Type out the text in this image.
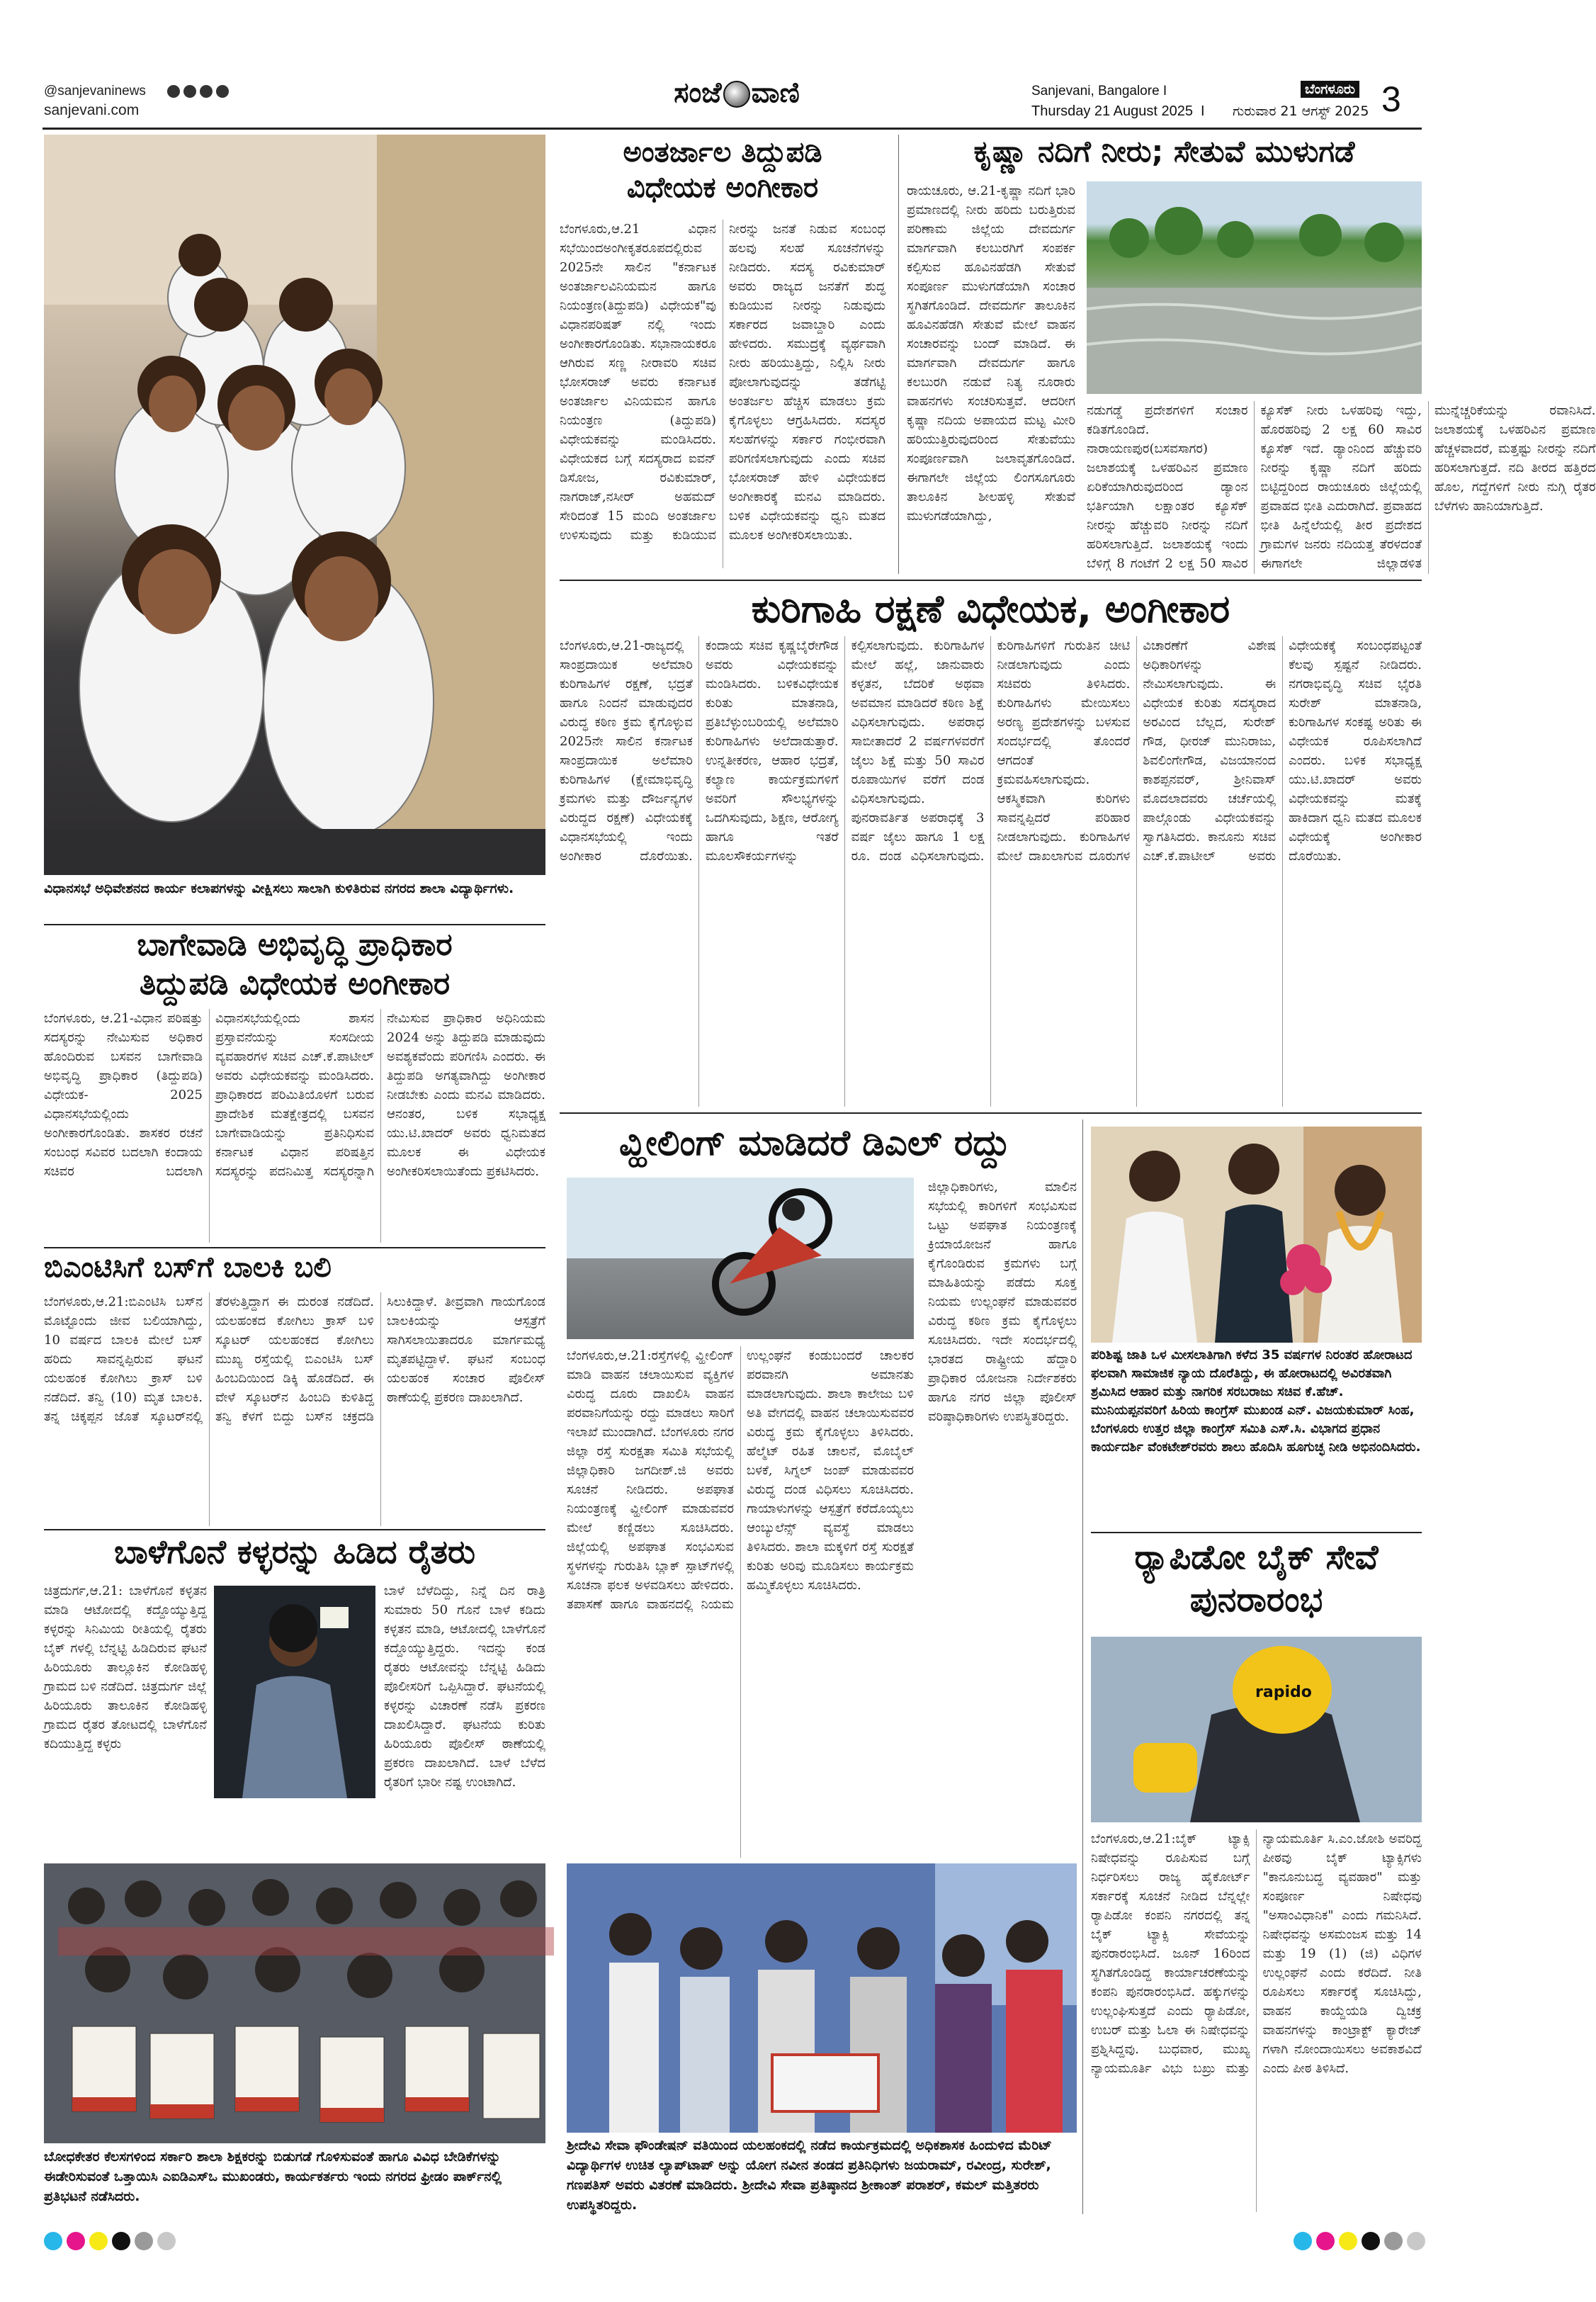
@sanjevaninews

sanjevani.com
ಸಂಜೆ ವಾಣಿ	ಬೆಂಗಳೂರು
Sanjevani, Bangalore I
Thursday 21 August 2025 I ಗುರುವಾರ 21 ಆಗಸ್ಟ್ 2025 3
ವಿಧಾನಸಭೆ ಅಧಿವೇಶನದ ಕಾರ್ಯ ಕಲಾಪಗಳನ್ನು ವೀಕ್ಷಿಸಲು ಸಾಲಾಗಿ ಕುಳಿತಿರುವ ನಗರದ ಶಾಲಾ ವಿದ್ಯಾರ್ಥಿಗಳು.
ಅಂತರ್ಜಾಲ ತಿದ್ದುಪಡಿ
ವಿಧೇಯಕ ಅಂಗೀಕಾರ
ಬೆಂಗಳೂರು,ಆ.21 ವಿಧಾನ ಸಭೆಯಿಂದಅಂಗೀಕೃತರೂಪದಲ್ಲಿರುವ 2025ನೇ ಸಾಲಿನ "ಕರ್ನಾಟಕ ಅಂತರ್ಜಾಲವಿನಿಯಮನ ಹಾಗೂ ನಿಯಂತ್ರಣ(ತಿದ್ದುಪಡಿ) ವಿಧೇಯಕ"ವು ವಿಧಾನಪರಿಷತ್ ನಲ್ಲಿ ಇಂದು ಅಂಗೀಕಾರಗೊಂಡಿತು. ಸಭಾನಾಯಕರೂ ಆಗಿರುವ ಸಣ್ಣ ನೀರಾವರಿ ಸಚಿವ ಭೋಸರಾಜ್ ಅವರು ಕರ್ನಾಟಕ ಅಂತರ್ಜಾಲ ವಿನಿಯಮನ ಹಾಗೂ ನಿಯಂತ್ರಣ (ತಿದ್ದುಪಡಿ) ವಿಧೇಯಕವನ್ನು ಮಂಡಿಸಿದರು. ವಿಧೇಯಕದ ಬಗ್ಗೆ ಸದಸ್ಯರಾದ ಐವನ್ ಡಿಸೋಜ, ರವಿಕುಮಾರ್, ನಾಗರಾಜ್,ನಸೀರ್ ಅಹಮದ್ ಸೇರಿದಂತೆ 15 ಮಂದಿ ಅಂತರ್ಜಾಲ ಉಳಿಸುವುದು ಮತ್ತು ಕುಡಿಯುವ ನೀರನ್ನು ಜನತೆ ನಿಡುವ ಸಂಬಂಧ ಹಲವು ಸಲಹೆ ಸೂಚನೆಗಳನ್ನು ನೀಡಿದರು. ಸದಸ್ಯ ರವಿಕುಮಾರ್ ಅವರು ರಾಜ್ಯದ ಜನತೆಗೆ ಶುದ್ಧ ಕುಡಿಯುವ ನೀರನ್ನು ನಿಡುವುದು ಸರ್ಕಾರದ ಜವಾಬ್ದಾರಿ ಎಂದು ಹೇಳಿದರು. ಸಮುದ್ರಕ್ಕೆ ವ್ಯರ್ಥವಾಗಿ ನೀರು ಹರಿಯುತ್ತಿದ್ದು, ನಿಲ್ಲಿಸಿ ನೀರು ಪೋಲಾಗುವುದನ್ನು ತಡೆಗಟ್ಟಿ ಅಂತರ್ಜಲ ಹೆಚ್ಚಿಸ ಮಾಡಲು ಕ್ರಮ ಕೈಗೊಳ್ಳಲು ಆಗ್ರಹಿಸಿದರು. ಸದಸ್ಯರ ಸಲಹೆಗಳನ್ನು ಸರ್ಕಾರ ಗಂಭೀರವಾಗಿ ಪರಿಗಣಿಸಲಾಗುವುದು ಎಂದು ಸಚಿವ ಭೋಸರಾಜ್ ಹೇಳಿ ವಿಧೇಯಕದ ಅಂಗೀಕಾರಕ್ಕೆ ಮನವಿ ಮಾಡಿದರು. ಬಳಿಕ ವಿಧೇಯಕವನ್ನು ಧ್ವನಿ ಮತದ ಮೂಲಕ ಅಂಗೀಕರಿಸಲಾಯಿತು.
ಕೃಷ್ಣಾ ನದಿಗೆ ನೀರು; ಸೇತುವೆ ಮುಳುಗಡೆ
ರಾಯಚೂರು, ಆ.21-ಕೃಷ್ಣಾ ನದಿಗೆ ಭಾರಿ ಪ್ರಮಾಣದಲ್ಲಿ ನೀರು ಹರಿದು ಬರುತ್ತಿರುವ ಪರಿಣಾಮ ಜಿಲ್ಲೆಯ ದೇವದುರ್ಗ ಮಾರ್ಗವಾಗಿ ಕಲಬುರಗಿಗೆ ಸಂಪರ್ಕ ಕಲ್ಪಿಸುವ ಹೂವಿನಹೆಡಗಿ ಸೇತುವೆ ಸಂಪೂರ್ಣ ಮುಳುಗಡೆಯಾಗಿ ಸಂಚಾರ ಸ್ಥಗಿತಗೊಂಡಿದೆ. ದೇವದುರ್ಗ ತಾಲೂಕಿನ ಹೂವಿನಹೆಡಗಿ ಸೇತುವೆ ಮೇಲೆ ವಾಹನ ಸಂಚಾರವನ್ನು ಬಂದ್ ಮಾಡಿದೆ. ಈ ಮಾರ್ಗವಾಗಿ ದೇವದುರ್ಗ ಹಾಗೂ ಕಲಬುರಗಿ ನಡುವೆ ನಿತ್ಯ ನೂರಾರು ವಾಹನಗಳು ಸಂಚರಿಸುತ್ತವೆ. ಆದರೀಗ ಕೃಷ್ಣಾ ನದಿಯ ಅಪಾಯದ ಮಟ್ಟ ಮೀರಿ ಹರಿಯುತ್ತಿರುವುದರಿಂದ ಸೇತುವೆಯು ಸಂಪೂರ್ಣವಾಗಿ ಜಲಾವೃತಗೊಂಡಿದೆ. ಈಗಾಗಲೇ ಜಿಲ್ಲೆಯ ಲಿಂಗಸೂಗೂರು ತಾಲೂಕಿನ ಶೀಲಹಳ್ಳಿ ಸೇತುವೆ ಮುಳುಗಡೆಯಾಗಿದ್ದು,
ನಡುಗಡ್ಡೆ ಪ್ರದೇಶಗಳಿಗೆ ಸಂಚಾರ ಕಡಿತಗೊಂಡಿದೆ. ನಾರಾಯಣಪುರ(ಬಸವಸಾಗರ) ಜಲಾಶಯಕ್ಕೆ ಒಳಹರಿವಿನ ಪ್ರಮಾಣ ಏರಿಕೆಯಾಗಿರುವುದರಿಂದ ಡ್ಯಾಂನ ಭರ್ತಿಯಾಗಿ ಲಕ್ಷಾಂತರ ಕ್ಯೂಸೆಕ್ ನೀರನ್ನು ಹೆಚ್ಚುವರಿ ನೀರನ್ನು ನದಿಗೆ ಹರಿಸಲಾಗುತ್ತಿದೆ. ಜಲಾಶಯಕ್ಕೆ ಇಂದು ಬೆಳಿಗ್ಗೆ 8 ಗಂಟೆಗೆ 2 ಲಕ್ಷ 50 ಸಾವಿರ ಕ್ಯೂಸೆಕ್ ನೀರು ಒಳಹರಿವು ಇದ್ದು, ಹೊರಹರಿವು 2 ಲಕ್ಷ 60 ಸಾವಿರ ಕ್ಯೂಸೆಕ್ ಇದೆ. ಡ್ಯಾಂನಿಂದ ಹೆಚ್ಚುವರಿ ನೀರನ್ನು ಕೃಷ್ಣಾ ನದಿಗೆ ಹರಿದು ಬಿಟ್ಟಿದ್ದರಿಂದ ರಾಯಚೂರು ಜಿಲ್ಲೆಯಲ್ಲಿ ಪ್ರವಾಹದ ಭೀತಿ ಎದುರಾಗಿದೆ. ಪ್ರವಾಹದ ಭೀತಿ ಹಿನ್ನೆಲೆಯಲ್ಲಿ ತೀರ ಪ್ರದೇಶದ ಗ್ರಾಮಗಳ ಜನರು ನದಿಯತ್ತ ತೆರಳದಂತೆ ಈಗಾಗಲೇ ಜಿಲ್ಲಾಡಳಿತ ಮುನ್ನೆಚ್ಚರಿಕೆಯನ್ನು ರವಾನಿಸಿದೆ. ಜಲಾಶಯಕ್ಕೆ ಒಳಹರಿವಿನ ಪ್ರಮಾಣ ಹೆಚ್ಚಳವಾದರೆ, ಮತ್ತಷ್ಟು ನೀರನ್ನು ನದಿಗೆ ಹರಿಸಲಾಗುತ್ತದೆ. ನದಿ ತೀರದ ಹತ್ತಿರದ ಹೊಲ, ಗದ್ದೆಗಳಿಗೆ ನೀರು ನುಗ್ಗಿ ರೈತರ ಬೆಳೆಗಳು ಹಾನಿಯಾಗುತ್ತಿದೆ.
ಕುರಿಗಾಹಿ ರಕ್ಷಣೆ ವಿಧೇಯಕ, ಅಂಗೀಕಾರ
ಬೆಂಗಳೂರು,ಆ.21-ರಾಜ್ಯದಲ್ಲಿ ಸಾಂಪ್ರದಾಯಿಕ ಅಲೆಮಾರಿ ಕುರಿಗಾಹಿಗಳ ರಕ್ಷಣೆ, ಭದ್ರತೆ ಹಾಗೂ ನಿಂದನೆ ಮಾಡುವುದರ ವಿರುದ್ಧ ಕಠಿಣ ಕ್ರಮ ಕೈಗೊಳ್ಳುವ 2025ನೇ ಸಾಲಿನ ಕರ್ನಾಟಕ ಸಾಂಪ್ರದಾಯಿಕ ಅಲೆಮಾರಿ ಕುರಿಗಾಹಿಗಳ (ಕ್ಷೇಮಾಭಿವೃದ್ಧಿ ಕ್ರಮಗಳು ಮತ್ತು ದೌರ್ಜನ್ಯಗಳ ವಿರುದ್ಧದ ರಕ್ಷಣೆ) ವಿಧೇಯಕಕ್ಕೆ ವಿಧಾನಸಭೆಯಲ್ಲಿ ಇಂದು ಅಂಗೀಕಾರ ದೊರೆಯಿತು. ಕಂದಾಯ ಸಚಿವ ಕೃಷ್ಣಬೈರೇಗೌಡ ಅವರು ವಿಧೇಯಕವನ್ನು ಮಂಡಿಸಿದರು. ಬಳಿಕವಿಧೇಯಕ ಕುರಿತು ಮಾತನಾಡಿ, ಪ್ರತಿಬೆಳ್ಳುಂಬರಿಯಲ್ಲಿ ಅಲೆಮಾರಿ ಕುರಿಗಾಹಿಗಳು ಅಲೆದಾಡುತ್ತಾರೆ. ಉನ್ನತೀಕರಣ, ಆಹಾರ ಭದ್ರತೆ, ಕಲ್ಯಾಣ ಕಾರ್ಯಕ್ರಮಗಳಿಗೆ ಅವರಿಗೆ ಸೌಲಭ್ಯಗಳನ್ನು ಒದಗಿಸುವುದು, ಶಿಕ್ಷಣ, ಆರೋಗ್ಯ ಹಾಗೂ ಇತರೆ ಮೂಲಸೌಕರ್ಯಗಳನ್ನು ಕಲ್ಪಿಸಲಾಗುವುದು. ಕುರಿಗಾಹಿಗಳ ಮೇಲೆ ಹಲ್ಲೆ, ಜಾನುವಾರು ಕಳ್ಳತನ, ಬೆದರಿಕೆ ಅಥವಾ ಅವಮಾನ ಮಾಡಿದರೆ ಕಠಿಣ ಶಿಕ್ಷೆ ವಿಧಿಸಲಾಗುವುದು. ಅಪರಾಧ ಸಾಬೀತಾದರೆ 2 ವರ್ಷಗಳವರೆಗೆ ಜೈಲು ಶಿಕ್ಷೆ ಮತ್ತು 50 ಸಾವಿರ ರೂಪಾಯಿಗಳ ವರೆಗೆ ದಂಡ ವಿಧಿಸಲಾಗುವುದು. ಪುನರಾವರ್ತಿತ ಅಪರಾಧಕ್ಕೆ 3 ವರ್ಷ ಜೈಲು ಹಾಗೂ 1 ಲಕ್ಷ ರೂ. ದಂಡ ವಿಧಿಸಲಾಗುವುದು. ಕುರಿಗಾಹಿಗಳಿಗೆ ಗುರುತಿನ ಚೀಟಿ ನೀಡಲಾಗುವುದು ಎಂದು ಸಚಿವರು ತಿಳಿಸಿದರು. ಕುರಿಗಾಹಿಗಳು ಮೇಯಿಸಲು ಅರಣ್ಯ ಪ್ರದೇಶಗಳನ್ನು ಬಳಸುವ ಸಂದರ್ಭದಲ್ಲಿ ತೊಂದರೆ ಆಗದಂತೆ ಕ್ರಮವಹಿಸಲಾಗುವುದು. ಆಕಸ್ಮಿಕವಾಗಿ ಕುರಿಗಳು ಸಾವನ್ನಪ್ಪಿದರೆ ಪರಿಹಾರ ನೀಡಲಾಗುವುದು. ಕುರಿಗಾಹಿಗಳ ಮೇಲೆ ದಾಖಲಾಗುವ ದೂರುಗಳ ವಿಚಾರಣೆಗೆ ವಿಶೇಷ ಅಧಿಕಾರಿಗಳನ್ನು ನೇಮಿಸಲಾಗುವುದು. ಈ ವಿಧೇಯಕ ಕುರಿತು ಸದಸ್ಯರಾದ ಅರವಿಂದ ಬೆಲ್ಲದ, ಸುರೇಶ್ ಗೌಡ, ಧೀರಜ್ ಮುನಿರಾಜು, ಶಿವಲಿಂಗೇಗೌಡ, ವಿಜಯಾನಂದ ಕಾಶಪ್ಪನವರ್, ಶ್ರೀನಿವಾಸ್ ಮೊದಲಾದವರು ಚರ್ಚೆಯಲ್ಲಿ ಪಾಲ್ಗೊಂಡು ವಿಧೇಯಕವನ್ನು ಸ್ವಾಗತಿಸಿದರು. ಕಾನೂನು ಸಚಿವ ಎಚ್.ಕೆ.ಪಾಟೀಲ್ ಅವರು ವಿಧೇಯಕಕ್ಕೆ ಸಂಬಂಧಪಟ್ಟಂತೆ ಕೆಲವು ಸ್ಪಷ್ಟನೆ ನೀಡಿದರು. ನಗರಾಭಿವೃದ್ಧಿ ಸಚಿವ ಭೈರತಿ ಸುರೇಶ್ ಮಾತನಾಡಿ, ಕುರಿಗಾಹಿಗಳ ಸಂಕಷ್ಟ ಅರಿತು ಈ ವಿಧೇಯಕ ರೂಪಿಸಲಾಗಿದೆ ಎಂದರು. ಬಳಿಕ ಸಭಾಧ್ಯಕ್ಷ ಯು.ಟಿ.ಖಾದರ್ ಅವರು ವಿಧೇಯಕವನ್ನು ಮತಕ್ಕೆ ಹಾಕಿದಾಗ ಧ್ವನಿ ಮತದ ಮೂಲಕ ವಿಧೇಯಕ್ಕೆ ಅಂಗೀಕಾರ ದೊರೆಯಿತು.
ಬಾಗೇವಾಡಿ ಅಭಿವೃದ್ಧಿ ಪ್ರಾಧಿಕಾರ
ತಿದ್ದುಪಡಿ ವಿಧೇಯಕ ಅಂಗೀಕಾರ
ಬೆಂಗಳೂರು, ಆ.21-ವಿಧಾನ ಪರಿಷತ್ತು ಸದಸ್ಯರನ್ನು ನೇಮಿಸುವ ಅಧಿಕಾರ ಹೊಂದಿರುವ ಬಸವನ ಬಾಗೇವಾಡಿ ಅಭಿವೃದ್ಧಿ ಪ್ರಾಧಿಕಾರ (ತಿದ್ದುಪಡಿ) ವಿಧೇಯಕ- 2025 ವಿಧಾನಸಭೆಯಲ್ಲಿಂದು ಅಂಗೀಕಾರಗೊಂಡಿತು. ಶಾಸಕರ ರಚನೆ ಸಂಬಂಧ ಸವಿವರ ಬದಲಾಗಿ ಕಂದಾಯ ಸಚಿವರ ಬದಲಾಗಿ ವಿಧಾನಸಭೆಯಲ್ಲಿಂದು ಶಾಸನ ಪ್ರಸ್ತಾವನೆಯನ್ನು ಸಂಸದೀಯ ವ್ಯವಹಾರಗಳ ಸಚಿವ ಎಚ್.ಕೆ.ಪಾಟೀಲ್ ಅವರು ವಿಧೇಯಕವನ್ನು ಮಂಡಿಸಿದರು. ಪ್ರಾಧಿಕಾರದ ಪರಿಮಿತಿಯೊಳಗೆ ಬರುವ ಪ್ರಾದೇಶಿಕ ಮತಕ್ಷೇತ್ರದಲ್ಲಿ ಬಸವನ ಬಾಗೇವಾಡಿಯನ್ನು ಪ್ರತಿನಿಧಿಸುವ ಕರ್ನಾಟಕ ವಿಧಾನ ಪರಿಷತ್ತಿನ ಸದಸ್ಯರನ್ನು ಪದನಿಮಿತ್ತ ಸದಸ್ಯರನ್ನಾಗಿ ನೇಮಿಸುವ ಪ್ರಾಧಿಕಾರ ಅಧಿನಿಯಮ 2024 ಅನ್ನು ತಿದ್ದುಪಡಿ ಮಾಡುವುದು ಅವಶ್ಯಕವೆಂದು ಪರಿಗಣಿಸಿ ಎಂದರು. ಈ ತಿದ್ದುಪಡಿ ಅಗತ್ಯವಾಗಿದ್ದು ಅಂಗೀಕಾರ ನೀಡಬೇಕು ಎಂದು ಮನವಿ ಮಾಡಿದರು. ಆನಂತರ, ಬಳಿಕ ಸಭಾಧ್ಯಕ್ಷ ಯು.ಟಿ.ಖಾದರ್ ಅವರು ಧ್ವನಿಮತದ ಮೂಲಕ ಈ ವಿಧೇಯಕ ಅಂಗೀಕರಿಸಲಾಯಿತೆಂದು ಪ್ರಕಟಿಸಿದರು.
ಬಿಎಂಟಿಸಿಗೆ ಬಸ್‌ಗೆ ಬಾಲಕಿ ಬಲಿ
ಬೆಂಗಳೂರು,ಆ.21:ಬಿಎಂಟಿಸಿ ಬಸ್‌ನ ಮೊಟ್ಟೊಂದು ಜೀವ ಬಲಿಯಾಗಿದ್ದು, 10 ವರ್ಷದ ಬಾಲಕಿ ಮೇಲೆ ಬಸ್ ಹರಿದು ಸಾವನ್ನಪ್ಪಿರುವ ಘಟನೆ ಯಲಹಂಕ ಕೋಗಿಲು ಕ್ರಾಸ್ ಬಳಿ ನಡೆದಿದೆ. ತನ್ವಿ (10) ಮೃತ ಬಾಲಕಿ. ತನ್ನ ಚಿಕ್ಕಪ್ಪನ ಜೊತೆ ಸ್ಕೂಟರ್‌ನಲ್ಲಿ ತೆರಳುತ್ತಿದ್ದಾಗ ಈ ದುರಂತ ನಡೆದಿದೆ. ಯಲಹಂಕದ ಕೋಗಿಲು ಕ್ರಾಸ್ ಬಳಿ ಸ್ಕೂಟರ್ ಯಲಹಂಕದ ಕೋಗಿಲು ಮುಖ್ಯ ರಸ್ತೆಯಲ್ಲಿ ಬಿಎಂಟಿಸಿ ಬಸ್ ಹಿಂಬದಿಯಿಂದ ಡಿಕ್ಕಿ ಹೊಡೆದಿದೆ. ಈ ವೇಳೆ ಸ್ಕೂಟರ್‌ನ ಹಿಂಬದಿ ಕುಳಿತಿದ್ದ ತನ್ವಿ ಕೆಳಗೆ ಬಿದ್ದು ಬಸ್‌ನ ಚಕ್ರದಡಿ ಸಿಲುಕಿದ್ದಾಳೆ. ತೀವ್ರವಾಗಿ ಗಾಯಗೊಂಡ ಬಾಲಕಿಯನ್ನು ಆಸ್ಪತ್ರೆಗೆ ಸಾಗಿಸಲಾಯಿತಾದರೂ ಮಾರ್ಗಮಧ್ಯೆ ಮೃತಪಟ್ಟಿದ್ದಾಳೆ. ಘಟನೆ ಸಂಬಂಧ ಯಲಹಂಕ ಸಂಚಾರ ಪೊಲೀಸ್ ಠಾಣೆಯಲ್ಲಿ ಪ್ರಕರಣ ದಾಖಲಾಗಿದೆ.
ಬಾಳೆಗೊನೆ ಕಳ್ಳರನ್ನು ಹಿಡಿದ ರೈತರು
ಚಿತ್ರದುರ್ಗ,ಆ.21: ಬಾಳೆಗೊನೆ ಕಳ್ಳತನ ಮಾಡಿ ಆಟೋದಲ್ಲಿ ಕದ್ದೊಯ್ಯುತ್ತಿದ್ದ ಕಳ್ಳರನ್ನು ಸಿನಿಮಿಯ ರೀತಿಯಲ್ಲಿ ರೈತರು ಬೈಕ್ ಗಳಲ್ಲಿ ಬೆನ್ನಟ್ಟಿ ಹಿಡಿದಿರುವ ಘಟನೆ ಹಿರಿಯೂರು ತಾಲ್ಲೂಕಿನ ಕೋಡಿಹಳ್ಳಿ ಗ್ರಾಮದ ಬಳಿ ನಡೆದಿದೆ. ಚಿತ್ರದುರ್ಗ ಜಿಲ್ಲೆ ಹಿರಿಯೂರು ತಾಲೂಕಿನ ಕೋಡಿಹಳ್ಳಿ ಗ್ರಾಮದ ರೈತರ ತೋಟದಲ್ಲಿ ಬಾಳೆಗೊನೆ ಕದಿಯುತ್ತಿದ್ದ ಕಳ್ಳರು
ಬಾಳೆ ಬೆಳೆದಿದ್ದು, ನಿನ್ನೆ ದಿನ ರಾತ್ರಿ ಸುಮಾರು 50 ಗೊನೆ ಬಾಳೆ ಕಡಿದು ಕಳ್ಳತನ ಮಾಡಿ, ಆಟೋದಲ್ಲಿ ಬಾಳೆಗೊನೆ ಕದ್ದೊಯ್ಯುತ್ತಿದ್ದರು. ಇದನ್ನು ಕಂಡ ರೈತರು ಆಟೋವನ್ನು ಬೆನ್ನಟ್ಟಿ ಹಿಡಿದು ಪೊಲೀಸರಿಗೆ ಒಪ್ಪಿಸಿದ್ದಾರೆ. ಘಟನೆಯಲ್ಲಿ ಕಳ್ಳರನ್ನು ವಿಚಾರಣೆ ನಡೆಸಿ ಪ್ರಕರಣ ದಾಖಲಿಸಿದ್ದಾರೆ. ಘಟನೆಯ ಕುರಿತು ಹಿರಿಯೂರು ಪೊಲೀಸ್ ಠಾಣೆಯಲ್ಲಿ ಪ್ರಕರಣ ದಾಖಲಾಗಿದೆ. ಬಾಳೆ ಬೆಳೆದ ರೈತರಿಗೆ ಭಾರೀ ನಷ್ಟ ಉಂಟಾಗಿದೆ.
ಬೋಧಕೇತರ ಕೆಲಸಗಳಿಂದ ಸರ್ಕಾರಿ ಶಾಲಾ ಶಿಕ್ಷಕರನ್ನು ಬಿಡುಗಡೆ ಗೊಳಿಸುವಂತೆ ಹಾಗೂ ವಿವಿಧ ಬೇಡಿಕೆಗಳನ್ನು ಈಡೇರಿಸುವಂತೆ ಒತ್ತಾಯಿಸಿ ಎಐಡಿಎಸ್‌ಒ ಮುಖಂಡರು, ಕಾರ್ಯಕರ್ತರು ಇಂದು ನಗರದ ಫ್ರೀಡಂ ಪಾರ್ಕ್‌ನಲ್ಲಿ ಪ್ರತಿಭಟನೆ ನಡೆಸಿದರು.
ವ್ಹೀಲಿಂಗ್ ಮಾಡಿದರೆ ಡಿಎಲ್ ರದ್ದು
ಜಿಲ್ಲಾಧಿಕಾರಿಗಳು, ಮಾಲಿನ ಸಭೆಯಲ್ಲಿ ಕಾರಿಗಳಿಗೆ ಸಂಭವಿಸುವ ಒಟ್ಟು ಅಪಘಾತ ನಿಯಂತ್ರಣಕ್ಕೆ ಕ್ರಿಯಾಯೋಜನೆ ಹಾಗೂ ಕೈಗೊಂಡಿರುವ ಕ್ರಮಗಳು ಬಗ್ಗೆ ಮಾಹಿತಿಯನ್ನು ಪಡೆದು ಸೂಕ್ತ ನಿಯಮ ಉಲ್ಲಂಘನೆ ಮಾಡುವವರ ವಿರುದ್ಧ ಕಠಿಣ ಕ್ರಮ ಕೈಗೊಳ್ಳಲು ಸೂಚಿಸಿದರು. ಇದೇ ಸಂದರ್ಭದಲ್ಲಿ ಭಾರತದ ರಾಷ್ಟ್ರೀಯ ಹೆದ್ದಾರಿ ಪ್ರಾಧಿಕಾರ ಯೋಜನಾ ನಿರ್ದೇಶಕರು ಹಾಗೂ ನಗರ ಜಿಲ್ಲಾ ಪೊಲೀಸ್ ವರಿಷ್ಠಾಧಿಕಾರಿಗಳು ಉಪಸ್ಥಿತರಿದ್ದರು.
ಬೆಂಗಳೂರು,ಆ.21:ರಸ್ತೆಗಳಲ್ಲಿ ವ್ಹೀಲಿಂಗ್ ಮಾಡಿ ವಾಹನ ಚಲಾಯಿಸುವ ವ್ಯಕ್ತಿಗಳ ವಿರುದ್ಧ ದೂರು ದಾಖಲಿಸಿ ವಾಹನ ಪರವಾನಿಗೆಯನ್ನು ರದ್ದು ಮಾಡಲು ಸಾರಿಗೆ ಇಲಾಖೆ ಮುಂದಾಗಿದೆ. ಬೆಂಗಳೂರು ನಗರ ಜಿಲ್ಲಾ ರಸ್ತೆ ಸುರಕ್ಷತಾ ಸಮಿತಿ ಸಭೆಯಲ್ಲಿ ಜಿಲ್ಲಾಧಿಕಾರಿ ಜಗದೀಶ್.ಜಿ ಅವರು ಸೂಚನೆ ನೀಡಿದರು. ಅಪಘಾತ ನಿಯಂತ್ರಣಕ್ಕೆ ವ್ಹೀಲಿಂಗ್ ಮಾಡುವವರ ಮೇಲೆ ಕಣ್ಣಿಡಲು ಸೂಚಿಸಿದರು. ಜಿಲ್ಲೆಯಲ್ಲಿ ಅಪಘಾತ ಸಂಭವಿಸುವ ಸ್ಥಳಗಳನ್ನು ಗುರುತಿಸಿ ಬ್ಲಾಕ್ ಸ್ಪಾಟ್‌ಗಳಲ್ಲಿ ಸೂಚನಾ ಫಲಕ ಅಳವಡಿಸಲು ಹೇಳಿದರು. ತಪಾಸಣೆ ಹಾಗೂ ವಾಹನದಲ್ಲಿ ನಿಯಮ ಉಲ್ಲಂಘನೆ ಕಂಡುಬಂದರೆ ಚಾಲಕರ ಪರವಾನಗಿ ಅಮಾನತು ಮಾಡಲಾಗುವುದು. ಶಾಲಾ ಕಾಲೇಜು ಬಳಿ ಅತಿ ವೇಗದಲ್ಲಿ ವಾಹನ ಚಲಾಯಿಸುವವರ ವಿರುದ್ಧ ಕ್ರಮ ಕೈಗೊಳ್ಳಲು ತಿಳಿಸಿದರು. ಹೆಲ್ಮೆಟ್ ರಹಿತ ಚಾಲನೆ, ಮೊಬೈಲ್ ಬಳಕೆ, ಸಿಗ್ನಲ್ ಜಂಪ್ ಮಾಡುವವರ ವಿರುದ್ಧ ದಂಡ ವಿಧಿಸಲು ಸೂಚಿಸಿದರು. ಗಾಯಾಳುಗಳನ್ನು ಆಸ್ಪತ್ರೆಗೆ ಕರೆದೊಯ್ಯಲು ಆಂಬ್ಯುಲೆನ್ಸ್ ವ್ಯವಸ್ಥೆ ಮಾಡಲು ತಿಳಿಸಿದರು. ಶಾಲಾ ಮಕ್ಕಳಿಗೆ ರಸ್ತೆ ಸುರಕ್ಷತೆ ಕುರಿತು ಅರಿವು ಮೂಡಿಸಲು ಕಾರ್ಯಕ್ರಮ ಹಮ್ಮಿಕೊಳ್ಳಲು ಸೂಚಿಸಿದರು.
ಶ್ರೀದೇವಿ ಸೇವಾ ಫೌಂಡೇಷನ್ ವತಿಯಿಂದ ಯಲಹಂಕದಲ್ಲಿ ನಡೆದ ಕಾರ್ಯಕ್ರಮದಲ್ಲಿ ಅಧಿಕಶಾಸಕ ಹಿಂದುಳಿದ ಮೆರಿಟ್ ವಿದ್ಯಾರ್ಥಿಗಳ ಉಚಿತ ಲ್ಯಾಪ್‌ಟಾಪ್ ಅನ್ನು ಯೋಗ ನವೀನ ತಂಡದ ಪ್ರತಿನಿಧಿಗಳು ಜಯರಾಮ್, ರವೀಂದ್ರ, ಸುರೇಶ್, ಗಣಪತಿಸ್ ಅವರು ವಿತರಣೆ ಮಾಡಿದರು. ಶ್ರೀದೇವಿ ಸೇವಾ ಪ್ರತಿಷ್ಠಾನದ ಶ್ರೀಕಾಂತ್ ಪರಾಶರ್, ಕಮಲ್ ಮತ್ತಿತರರು ಉಪಸ್ಥಿತರಿದ್ದರು.
ಪರಿಶಿಷ್ಟ ಜಾತಿ ಒಳ ಮೀಸಲಾತಿಗಾಗಿ ಕಳೆದ 35 ವರ್ಷಗಳ ನಿರಂತರ ಹೋರಾಟದ ಫಲವಾಗಿ ಸಾಮಾಜಿಕ ನ್ಯಾಯ ದೊರೆತಿದ್ದು, ಈ ಹೋರಾಟದಲ್ಲಿ ಅವಿರತವಾಗಿ ಶ್ರಮಿಸಿದ ಆಹಾರ ಮತ್ತು ನಾಗರಿಕ ಸರಬರಾಜು ಸಚಿವ ಕೆ.ಹೆಚ್. ಮುನಿಯಪ್ಪನವರಿಗೆ ಹಿರಿಯ ಕಾಂಗ್ರೆಸ್ ಮುಖಂಡ ಎನ್. ವಿಜಯಕುಮಾರ್ ಸಿಂಹ, ಬೆಂಗಳೂರು ಉತ್ತರ ಜಿಲ್ಲಾ ಕಾಂಗ್ರೆಸ್ ಸಮಿತಿ ಎಸ್.ಸಿ. ವಿಭಾಗದ ಪ್ರಧಾನ ಕಾರ್ಯದರ್ಶಿ ವೆಂಕಟೇಶ್‌ರವರು ಶಾಲು ಹೊದಿಸಿ ಹೂಗುಚ್ಛ ನೀಡಿ ಅಭಿನಂದಿಸಿದರು.
ರ್‍ಯಾಪಿಡೋ ಬೈಕ್ ಸೇವೆ
ಪುನರಾರಂಭ
rapido
ಬೆಂಗಳೂರು,ಆ.21:ಬೈಕ್ ಟ್ಯಾಕ್ಸಿ ನಿಷೇಧವನ್ನು ರೂಪಿಸುವ ಬಗ್ಗೆ ನಿರ್ಧರಿಸಲು ರಾಜ್ಯ ಹೈಕೋರ್ಟ್ ಸರ್ಕಾರಕ್ಕೆ ಸೂಚನೆ ನೀಡಿದ ಬೆನ್ನಲ್ಲೇ ರ್‍ಯಾಪಿಡೋ ಕಂಪನಿ ನಗರದಲ್ಲಿ ತನ್ನ ಬೈಕ್ ಟ್ಯಾಕ್ಸಿ ಸೇವೆಯನ್ನು ಪುನರಾರಂಭಿಸಿದೆ. ಜೂನ್ 16ರಿಂದ ಸ್ಥಗಿತಗೊಂಡಿದ್ದ ಕಾರ್ಯಾಚರಣೆಯನ್ನು ಕಂಪನಿ ಪುನರಾರಂಭಿಸಿದೆ. ಹಕ್ಕುಗಳನ್ನು ಉಲ್ಲಂಘಿಸುತ್ತದೆ ಎಂದು ರ್‍ಯಾಪಿಡೋ, ಉಬರ್ ಮತ್ತು ಓಲಾ ಈ ನಿಷೇಧವನ್ನು ಪ್ರಶ್ನಿಸಿದ್ದವು. ಬುಧವಾರ, ಮುಖ್ಯ ನ್ಯಾಯಮೂರ್ತಿ ವಿಭು ಬಖ್ರು ಮತ್ತು ನ್ಯಾಯಮೂರ್ತಿ ಸಿ.ಎಂ.ಜೋಶಿ ಅವರಿದ್ದ ಪೀಠವು ಬೈಕ್ ಟ್ಯಾಕ್ಸಿಗಳು "ಕಾನೂನುಬದ್ಧ ವ್ಯವಹಾರ" ಮತ್ತು ಸಂಪೂರ್ಣ ನಿಷೇಧವು "ಅಸಾಂವಿಧಾನಿಕ" ಎಂದು ಗಮನಿಸಿದೆ. ನಿಷೇಧವನ್ನು ಅಸಮಂಜಸ ಮತ್ತು 14 ಮತ್ತು 19 (1) (ಜಿ) ವಿಧಿಗಳ ಉಲ್ಲಂಘನೆ ಎಂದು ಕರೆದಿದೆ. ನೀತಿ ರೂಪಿಸಲು ಸರ್ಕಾರಕ್ಕೆ ಸೂಚಿಸಿದ್ದು, ವಾಹನ ಕಾಯ್ದೆಯಡಿ ದ್ವಿಚಕ್ರ ವಾಹನಗಳನ್ನು ಕಾಂಟ್ರಾಕ್ಟ್ ಕ್ಯಾರೇಜ್ ಗಳಾಗಿ ನೋಂದಾಯಿಸಲು ಅವಕಾಶವಿದೆ ಎಂದು ಪೀಠ ತಿಳಿಸಿದೆ.
